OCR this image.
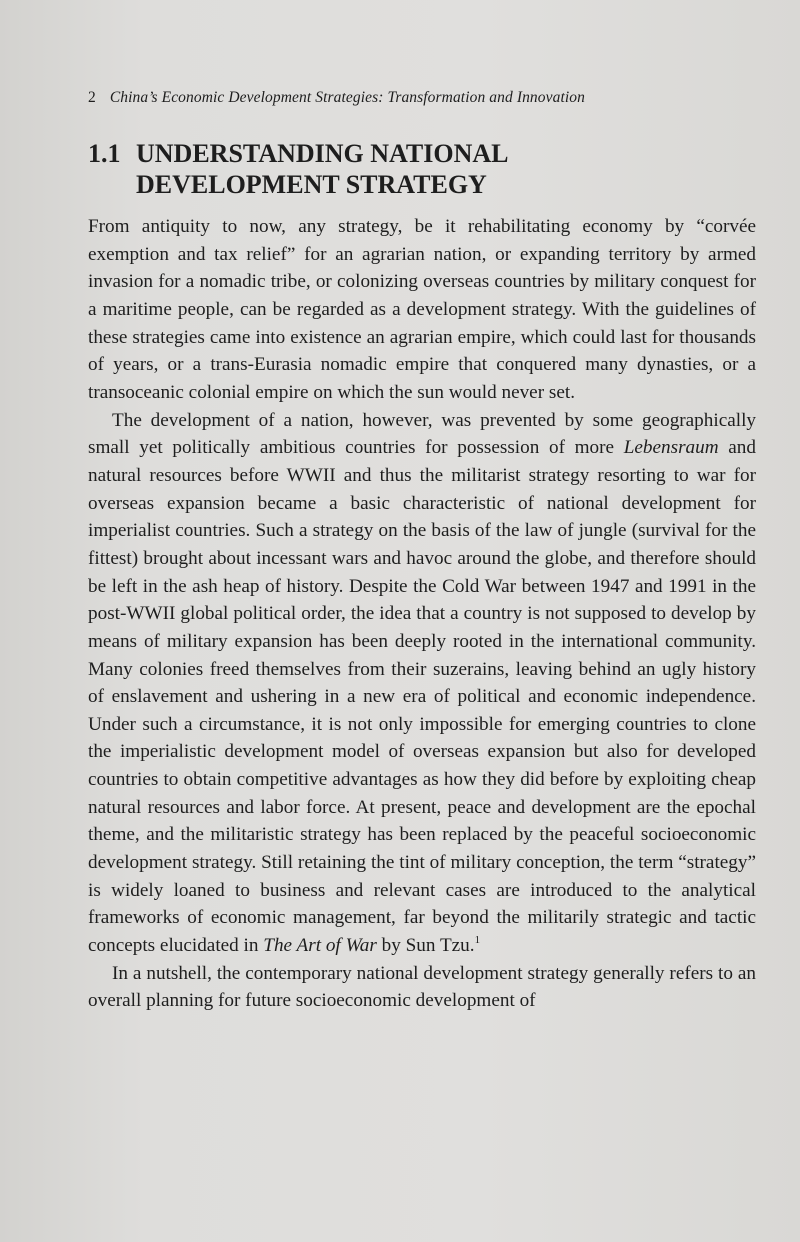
2 China’s Economic Development Strategies: Transformation and Innovation
1.1 UNDERSTANDING NATIONAL
DEVELOPMENT STRATEGY

From antiquity to now, any strategy, be it rehabilitating economy by “corvée exemption and tax relief” for an agrarian nation, or expanding territory by armed invasion for a nomadic tribe, or colonizing overseas countries by military conquest for a maritime people, can be regarded as a development strategy. With the guidelines of these strategies came into existence an agrarian empire, which could last for thousands of years, or a trans-Eurasia nomadic empire that conquered many dynasties, or a transoceanic colonial empire on which the sun would never set.

The development of a nation, however, was prevented by some geographically small yet politically ambitious countries for possession of more Lebensraum and natural resources before WWII and thus the militarist strategy resorting to war for overseas expansion became a basic characteristic of national development for imperialist countries. Such a strategy on the basis of the law of jungle (survival for the fittest) brought about incessant wars and havoc around the globe, and therefore should be left in the ash heap of history. Despite the Cold War between 1947 and 1991 in the post-WWII global political order, the idea that a country is not supposed to develop by means of military expansion has been deeply rooted in the international community. Many colonies freed themselves from their suzerains, leaving behind an ugly history of enslavement and ushering in a new era of political and economic independence. Under such a circumstance, it is not only impossible for emerging countries to clone the imperialistic development model of overseas expansion but also for developed countries to obtain competitive advantages as how they did before by exploiting cheap natural resources and labor force. At present, peace and development are the epochal theme, and the militaristic strategy has been replaced by the peaceful socioeconomic development strategy. Still retaining the tint of military conception, the term “strategy” is widely loaned to business and relevant cases are introduced to the analytical frameworks of economic management, far beyond the militarily strategic and tactic concepts elucidated in The Art of War by Sun Tzu.$^1$

In a nutshell, the contemporary national development strategy generally refers to an overall planning for future socioeconomic development of
